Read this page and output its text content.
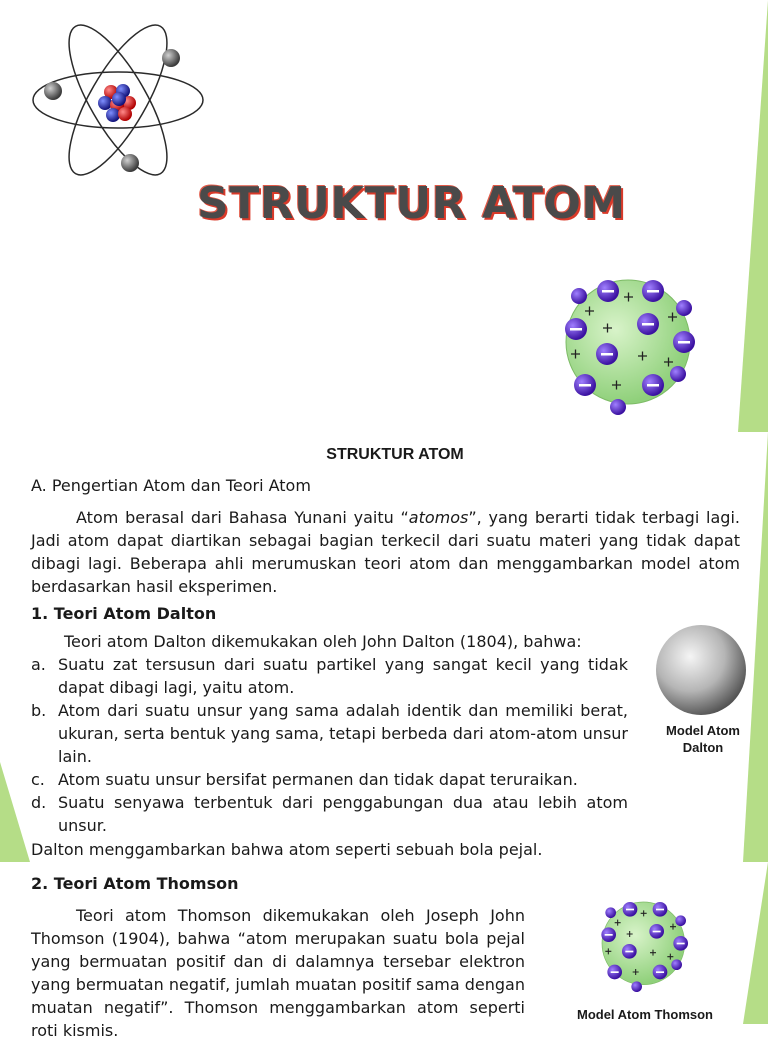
STRUKTUR ATOM
STRUKTUR ATOM
A. Pengertian Atom dan Teori Atom

Atom berasal dari Bahasa Yunani yaitu “atomos”, yang berarti tidak terbagi lagi. Jadi atom dapat diartikan sebagai bagian terkecil dari suatu materi yang tidak dapat dibagi lagi. Beberapa ahli merumuskan teori atom dan menggambarkan model atom berdasarkan hasil eksperimen.

1. Teori Atom Dalton
Teori atom Dalton dikemukakan oleh John Dalton (1804), bahwa:
a. Suatu zat tersusun dari suatu partikel yang sangat kecil yang tidak dapat dibagi lagi, yaitu atom.
b. Atom dari suatu unsur yang sama adalah identik dan memiliki berat, ukuran, serta bentuk yang sama, tetapi berbeda dari atom-atom unsur lain.
c. Atom suatu unsur bersifat permanen dan tidak dapat teruraikan.
d. Suatu senyawa terbentuk dari penggabungan dua atau lebih atom unsur.
Dalton menggambarkan bahwa atom seperti sebuah bola pejal.
Model Atom
Dalton
2. Teori Atom Thomson

Teori atom Thomson dikemukakan oleh Joseph John Thomson (1904), bahwa “atom merupakan suatu bola pejal yang bermuatan positif dan di dalamnya tersebar elektron yang bermuatan negatif, jumlah muatan positif sama dengan muatan negatif”. Thomson menggambarkan atom seperti roti kismis.

Model Atom Thomson
